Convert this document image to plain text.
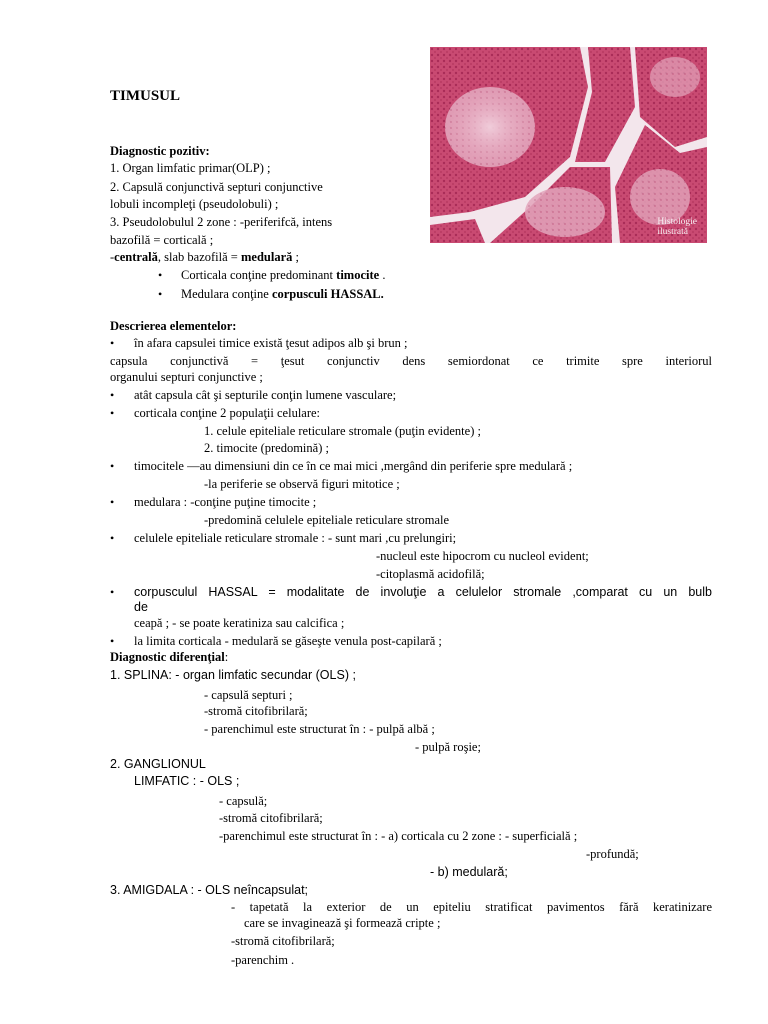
TIMUSUL
Histologie
ilustrată
Diagnostic pozitiv:
1. Organ limfatic primar(OLP) ;
2. Capsulă conjunctivă septuri conjunctive
lobuli incompleţi (pseudolobuli) ;
3. Pseudolobulul 2 zone : -periferifcă, intens
bazofilă = corticală ;
-centrală, slab bazofilă = medulară ;
• Corticala conţine predominant timocite .
• Medulara conţine corpusculi HASSAL.
Descrierea elementelor:
• în afara capsulei timice există ţesut adipos alb şi brun ;
capsula conjunctivă = ţesut conjunctiv dens semiordonat ce trimite spre interiorul
organului septuri conjunctive ;
• atât capsula cât şi septurile conţin lumene vasculare;
• corticala conţine 2 populaţii celulare:
1. celule epiteliale reticulare stromale (puţin evidente) ;
2. timocite (predomină) ;
• timocitele —au dimensiuni din ce în ce mai mici ,mergând din periferie spre medulară ;
-la periferie se observă figuri mitotice ;
• medulara : -conţine puţine timocite ;
-predomină celulele epiteliale reticulare stromale
• celulele epiteliale reticulare stromale : - sunt mari ,cu prelungiri;
-nucleul este hipocrom cu nucleol evident;
-citoplasmă acidofilă;
• corpusculul HASSAL = modalitate de involuţie a celulelor stromale ,comparat cu un bulb
de
ceapă ; - se poate keratiniza sau calcifica ;
• la limita corticala - medulară se găseşte venula post-capilară ;
Diagnostic diferenţial:
1. SPLINA: - organ limfatic secundar (OLS) ;
- capsulă septuri ;
-stromă citofibrilară;
- parenchimul este structurat în : - pulpă albă ;
- pulpă roşie;
2. GANGLIONUL
LIMFATIC : - OLS ;
- capsulă;
-stromă citofibrilară;
-parenchimul este structurat în : - a) corticala cu 2 zone : - superficială ;
-profundă;
- b) medulară;
3. AMIGDALA : - OLS neîncapsulat;
- tapetată la exterior de un epiteliu stratificat pavimentos fără keratinizare
care se invaginează şi formează cripte ;
-stromă citofibrilară;
-parenchim .
